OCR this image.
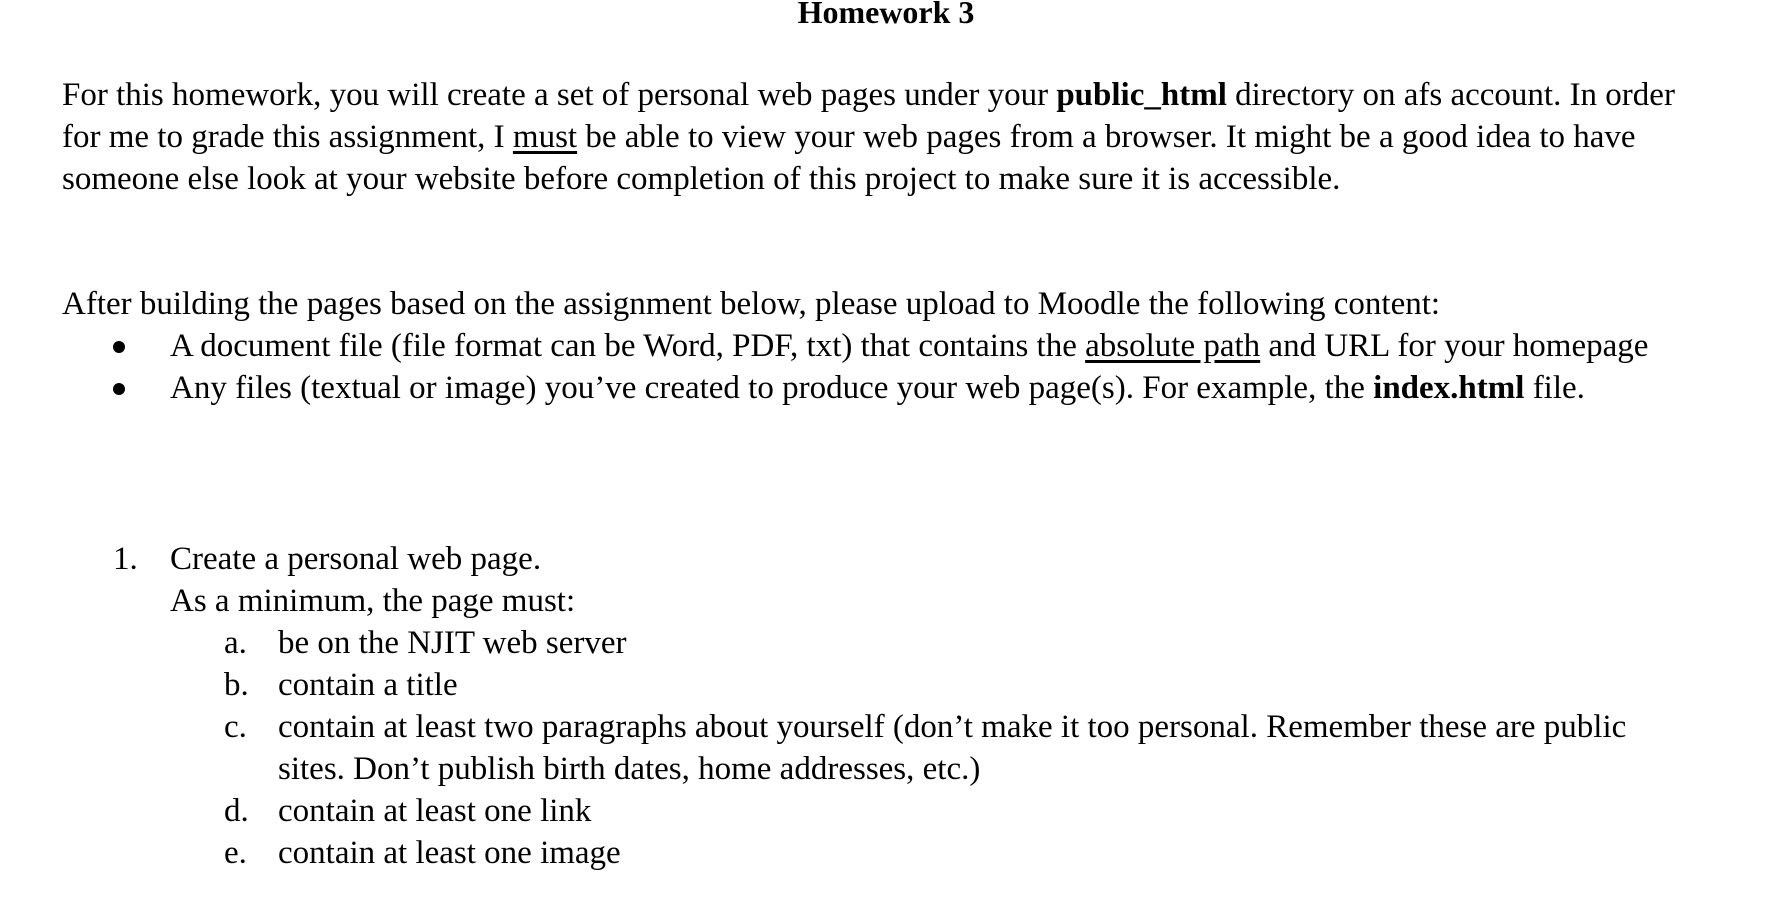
Homework 3

For this homework, you will create a set of personal web pages under your public_html directory on afs account. In order for me to grade this assignment, I must be able to view your web pages from a browser. It might be a good idea to have someone else look at your website before completion of this project to make sure it is accessible.

After building the pages based on the assignment below, please upload to Moodle the following content:

A document file (file format can be Word, PDF, txt) that contains the absolute path and URL for your homepage
Any files (textual or image) you’ve created to produce your web page(s). For example, the index.html file.
1. Create a personal web page.
As a minimum, the page must:
a. be on the NJIT web server
b. contain a title
c. contain at least two paragraphs about yourself (don’t make it too personal. Remember these are public sites. Don’t publish birth dates, home addresses, etc.)
d. contain at least one link
e. contain at least one image
